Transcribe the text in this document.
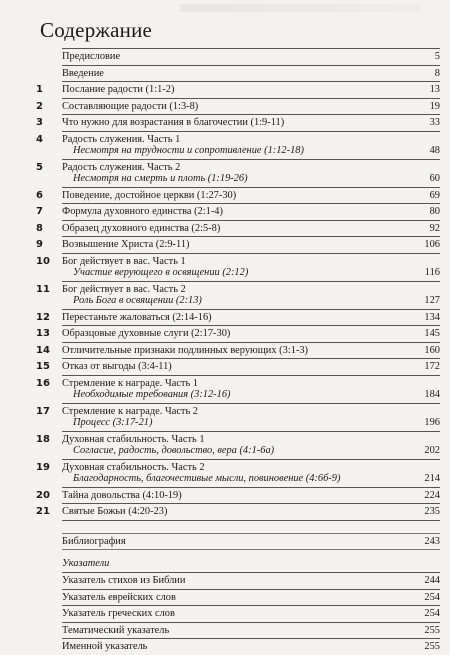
Содержание
Предисловие	5
Введение	8
1	Послание радости (1:1-2)	13
2	Составляющие радости (1:3-8)	19
3	Что нужно для возрастания в благочестии (1:9-11)	33
4	Радость служения. Часть 1
Несмотря на трудности и сопротивление (1:12-18)	48
5	Радость служения. Часть 2
Несмотря на смерть и плоть (1:19-26)	60
6	Поведение, достойное церкви (1:27-30)	69
7	Формула духовного единства (2:1-4)	80
8	Образец духовного единства (2:5-8)	92
9	Возвышение Христа (2:9-11)	106
10	Бог действует в вас. Часть 1
Участие верующего в освящении (2:12)	116
11	Бог действует в вас. Часть 2
Роль Бога в освящении (2:13)	127
12	Перестаньте жаловаться (2:14-16)	134
13	Образцовые духовные слуги (2:17-30)	145
14	Отличительные признаки подлинных верующих (3:1-3)	160
15	Отказ от выгоды (3:4-11)	172
16	Стремление к награде. Часть 1
Необходимые требования (3:12-16)	184
17	Стремление к награде. Часть 2
Процесс (3:17-21)	196
18	Духовная стабильность. Часть 1
Согласие, радость, довольство, вера (4:1-6а)	202
19	Духовная стабильность. Часть 2
Благодарность, благочестивые мысли, повиновение (4:6б-9)	214
20	Тайна довольства (4:10-19)	224
21	Святые Божьи (4:20-23)	235
Библиография	243
Указатели
Указатель стихов из Библии	244
Указатель еврейских слов	254
Указатель греческих слов	254
Тематический указатель	255
Именной указатель	255
